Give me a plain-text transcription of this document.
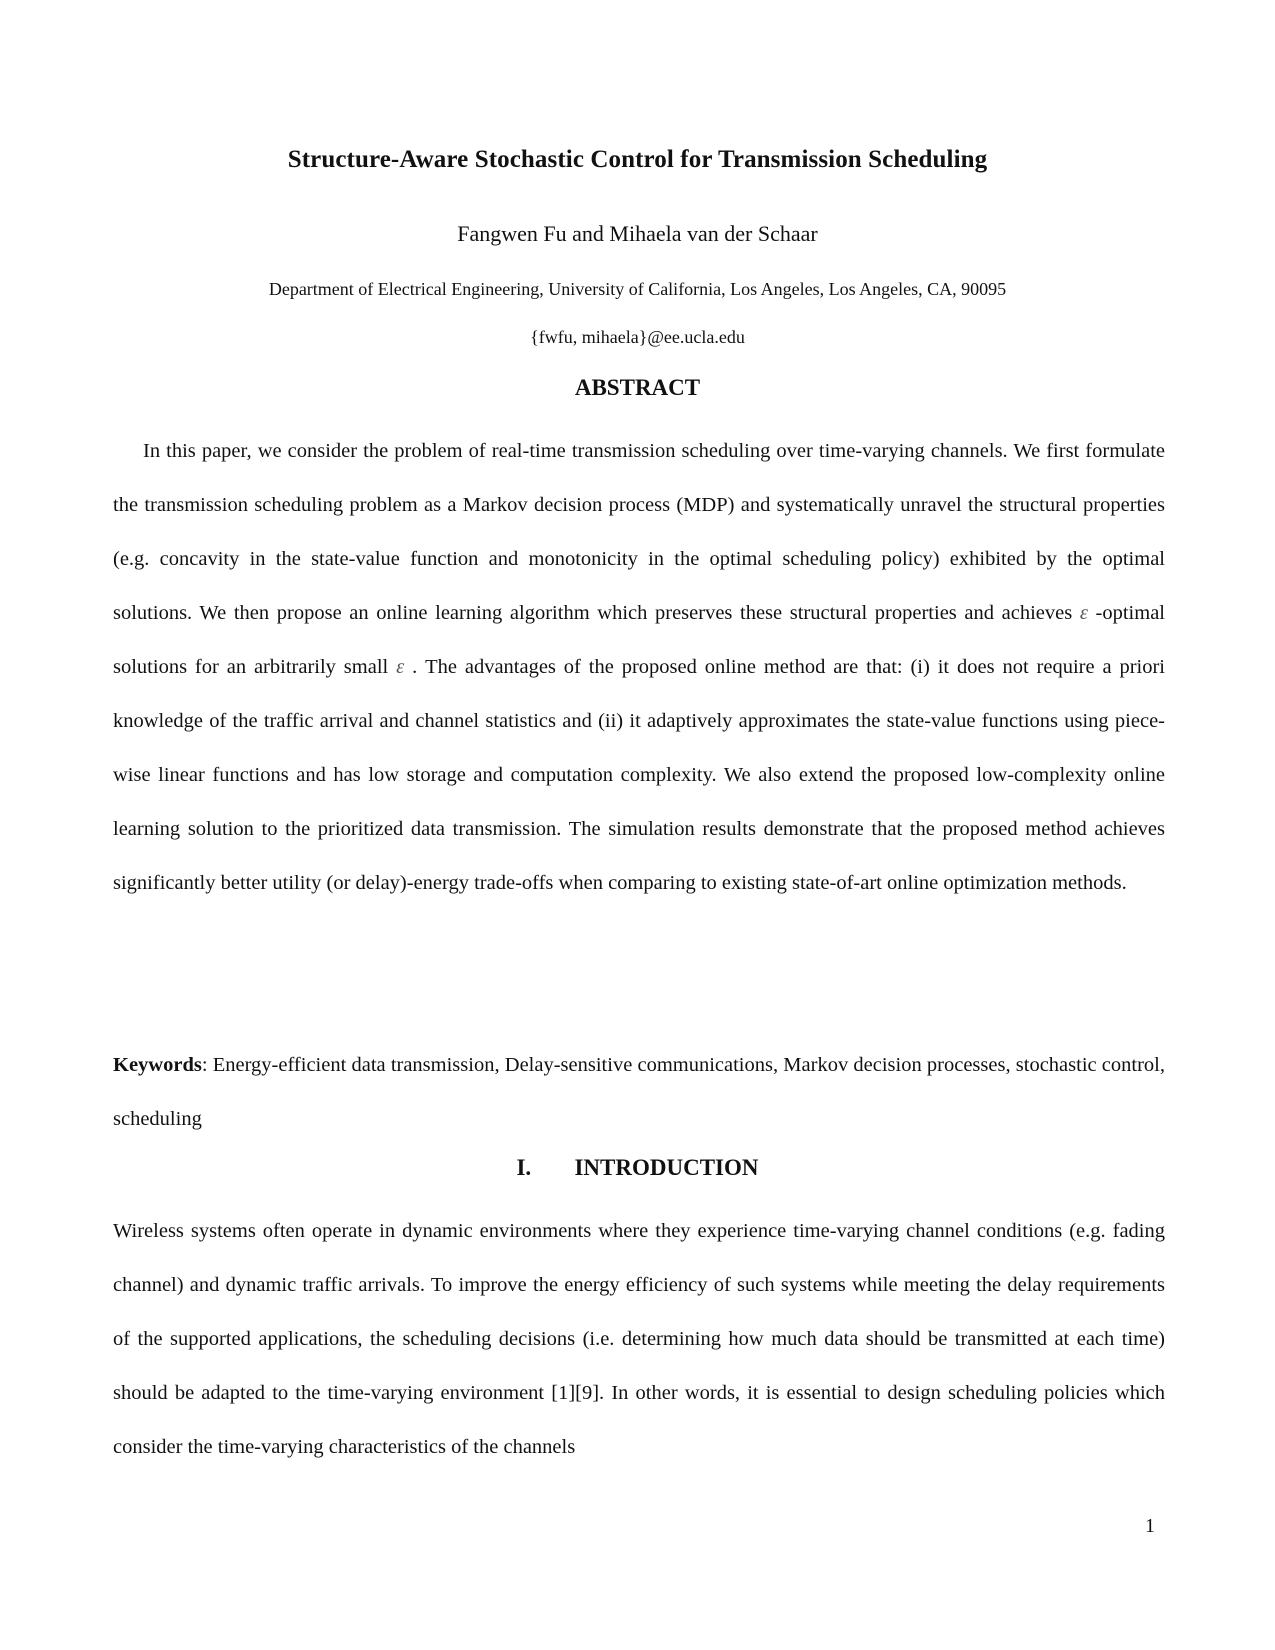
Structure-Aware Stochastic Control for Transmission Scheduling
Fangwen Fu and Mihaela van der Schaar
Department of Electrical Engineering, University of California, Los Angeles, Los Angeles, CA, 90095
{fwfu, mihaela}@ee.ucla.edu
ABSTRACT

In this paper, we consider the problem of real-time transmission scheduling over time-varying channels. We first formulate the transmission scheduling problem as a Markov decision process (MDP) and systematically unravel the structural properties (e.g. concavity in the state-value function and monotonicity in the optimal scheduling policy) exhibited by the optimal solutions. We then propose an online learning algorithm which preserves these structural properties and achieves ε -optimal solutions for an arbitrarily small ε . The advantages of the proposed online method are that: (i) it does not require a priori knowledge of the traffic arrival and channel statistics and (ii) it adaptively approximates the state-value functions using piece-wise linear functions and has low storage and computation complexity. We also extend the proposed low-complexity online learning solution to the prioritized data transmission. The simulation results demonstrate that the proposed method achieves significantly better utility (or delay)-energy trade-offs when comparing to existing state-of-art online optimization methods.

Keywords: Energy-efficient data transmission, Delay-sensitive communications, Markov decision processes, stochastic control, scheduling

I. INTRODUCTION

Wireless systems often operate in dynamic environments where they experience time-varying channel conditions (e.g. fading channel) and dynamic traffic arrivals. To improve the energy efficiency of such systems while meeting the delay requirements of the supported applications, the scheduling decisions (i.e. determining how much data should be transmitted at each time) should be adapted to the time-varying environment [1][9]. In other words, it is essential to design scheduling policies which consider the time-varying characteristics of the channels

1
